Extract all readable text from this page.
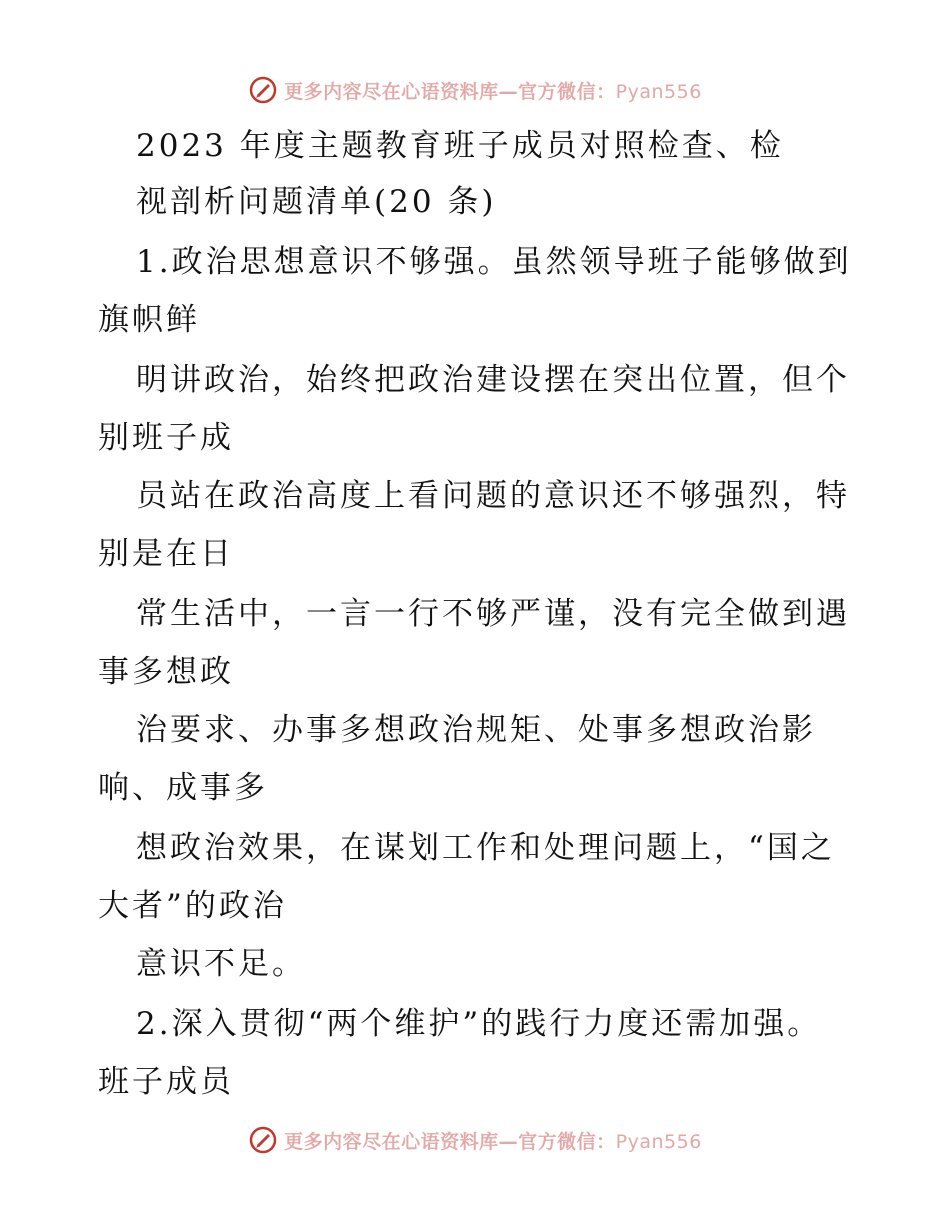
更多内容尽在心语资料库—官方微信：Pyan556
2023 年度主题教育班子成员对照检查、检
视剖析问题清单(20 条)
1.政治思想意识不够强。虽然领导班子能够做到
旗帜鲜
明讲政治，始终把政治建设摆在突出位置，但个
别班子成
员站在政治高度上看问题的意识还不够强烈，特
别是在日
常生活中，一言一行不够严谨，没有完全做到遇
事多想政
治要求、办事多想政治规矩、处事多想政治影
响、成事多
想政治效果，在谋划工作和处理问题上，“国之
大者”的政治
意识不足。
2.深入贯彻“两个维护”的践行力度还需加强。
班子成员
更多内容尽在心语资料库—官方微信：Pyan556
